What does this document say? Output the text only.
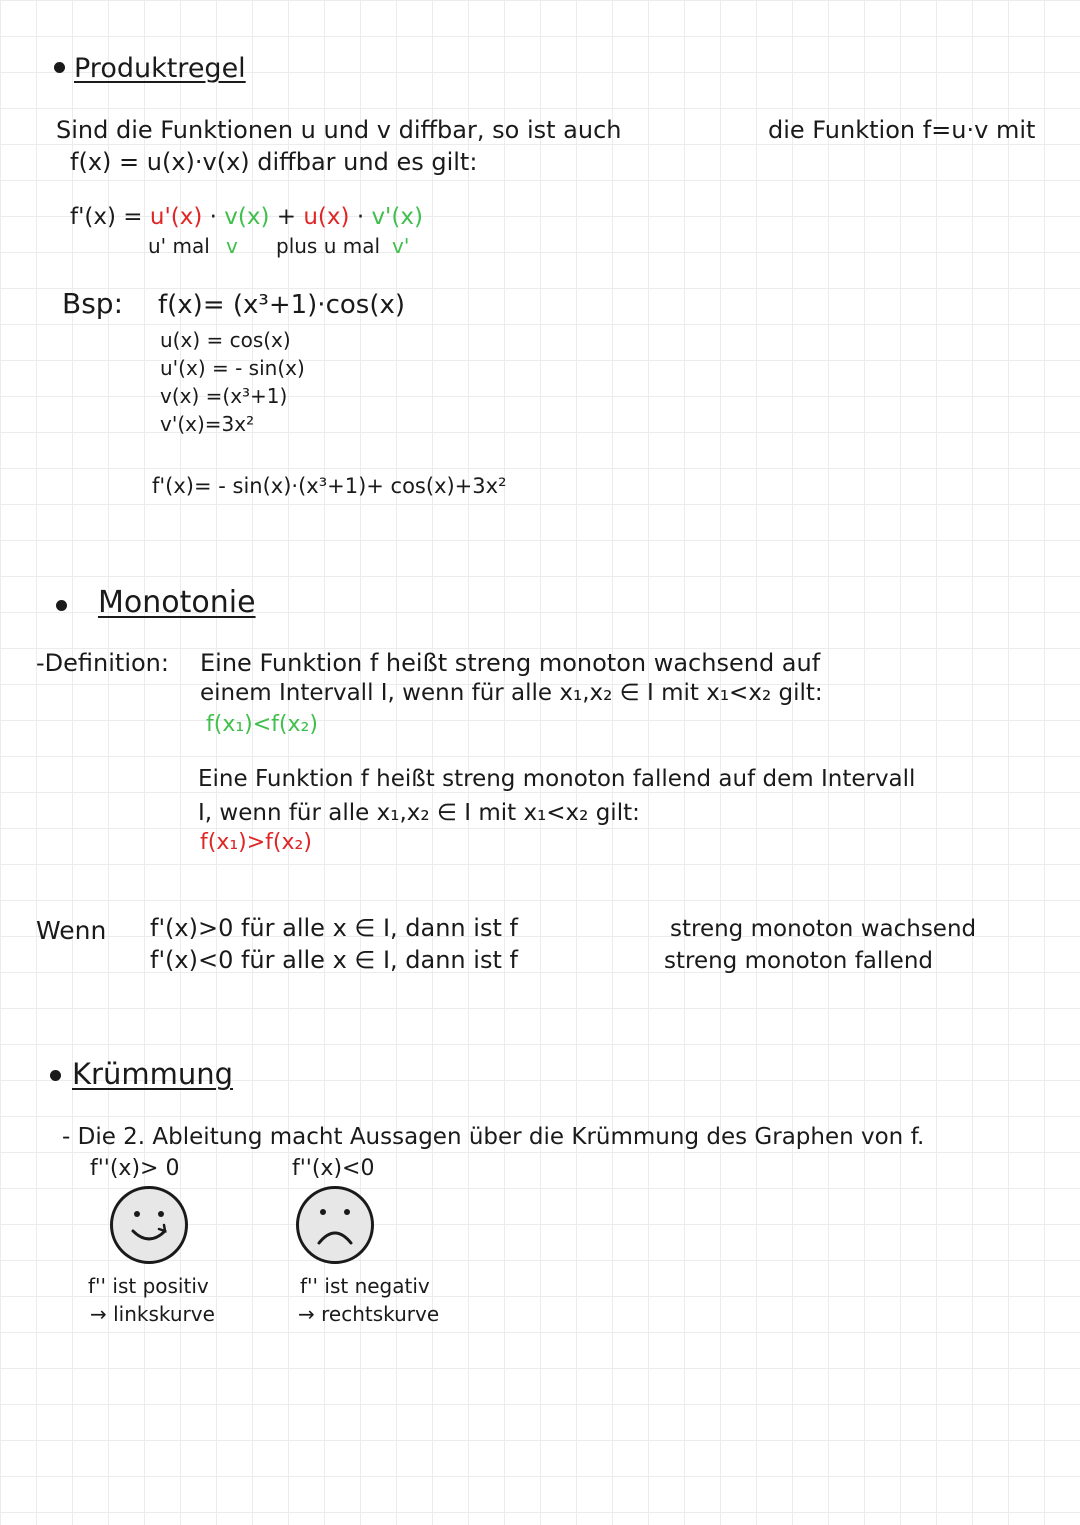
Produktregel
Sind die Funktionen u und v diffbar, so ist auch	die Funktion f=u·v mit
f(x) = u(x)·v(x) diffbar und es gilt:
f'(x) = u'(x) · v(x) + u(x) · v'(x)
u' mal v plus u mal v'
Bsp: f(x)= (x³+1)·cos(x)
u(x) = cos(x)
u'(x) = - sin(x)
v(x) =(x³+1)
v'(x)=3x²
f'(x)= - sin(x)·(x³+1)+ cos(x)+3x²
Monotonie
-Definition: Eine Funktion f heißt streng monoton wachsend auf
einem Intervall I, wenn für alle x₁,x₂ ∈ I mit x₁<x₂ gilt:
f(x₁)<f(x₂)
Eine Funktion f heißt streng monoton fallend auf dem Intervall
I, wenn für alle x₁,x₂ ∈ I mit x₁<x₂ gilt:
f(x₁)>f(x₂)
Wenn f'(x)>0 für alle x ∈ I, dann ist f	streng monoton wachsend
f'(x)<0 für alle x ∈ I, dann ist f	streng monoton fallend
Krümmung
- Die 2. Ableitung macht Aussagen über die Krümmung des Graphen von f.
f''(x)> 0	f''(x)<0
f'' ist positiv
→ linkskurve
f'' ist negativ
→ rechtskurve
